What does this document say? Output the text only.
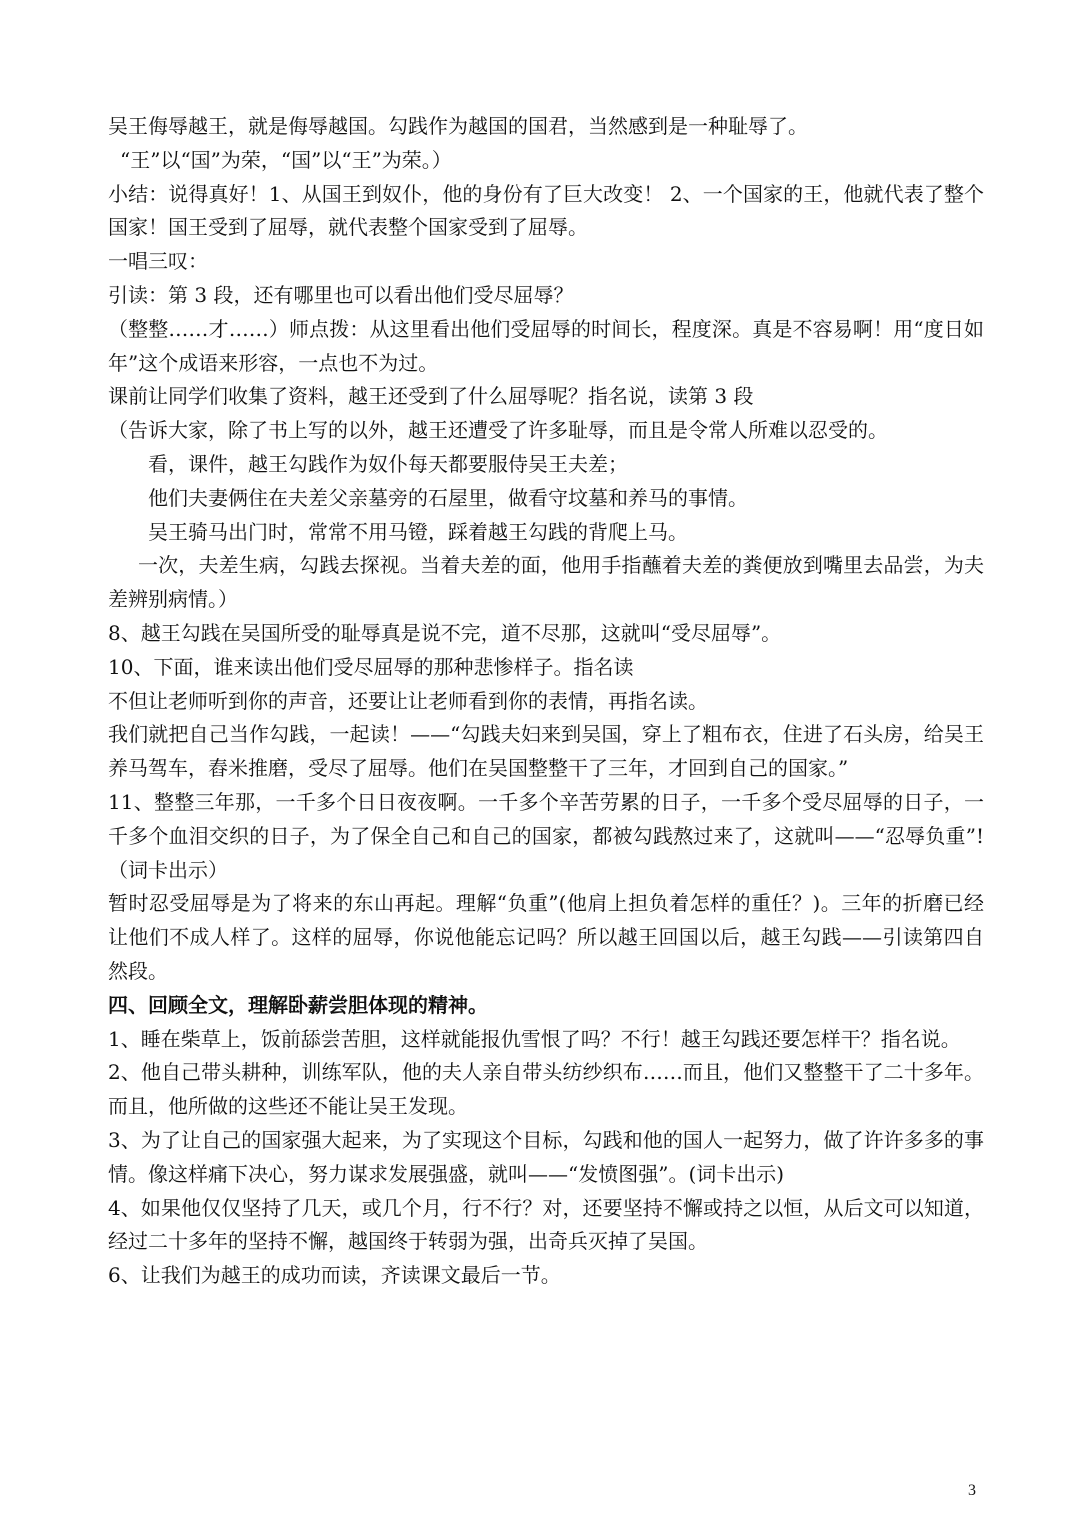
吴王侮辱越王，就是侮辱越国。勾践作为越国的国君，当然感到是一种耻辱了。
“王”以“国”为荣，“国”以“王”为荣。）
小结：说得真好！1、从国王到奴仆，他的身份有了巨大改变！ 2、一个国家的王，他就代表了整个国家！国王受到了屈辱，就代表整个国家受到了屈辱。
一唱三叹：
引读：第 3 段，还有哪里也可以看出他们受尽屈辱？
（整整……才……）师点拨：从这里看出他们受屈辱的时间长，程度深。真是不容易啊！用“度日如年”这个成语来形容，一点也不为过。
课前让同学们收集了资料，越王还受到了什么屈辱呢？指名说，读第 3 段
（告诉大家，除了书上写的以外，越王还遭受了许多耻辱，而且是令常人所难以忍受的。
看，课件，越王勾践作为奴仆每天都要服侍吴王夫差；
他们夫妻俩住在夫差父亲墓旁的石屋里，做看守坟墓和养马的事情。
吴王骑马出门时，常常不用马镫，踩着越王勾践的背爬上马。
一次，夫差生病，勾践去探视。当着夫差的面，他用手指蘸着夫差的粪便放到嘴里去品尝，为夫差辨别病情。）
8、越王勾践在吴国所受的耻辱真是说不完，道不尽那，这就叫“受尽屈辱”。
10、下面，谁来读出他们受尽屈辱的那种悲惨样子。指名读
不但让老师听到你的声音，还要让让老师看到你的表情，再指名读。
我们就把自己当作勾践，一起读！——“勾践夫妇来到吴国，穿上了粗布衣，住进了石头房，给吴王养马驾车，舂米推磨，受尽了屈辱。他们在吴国整整干了三年，才回到自己的国家。”
11、整整三年那，一千多个日日夜夜啊。一千多个辛苦劳累的日子，一千多个受尽屈辱的日子，一千多个血泪交织的日子，为了保全自己和自己的国家，都被勾践熬过来了，这就叫——“忍辱负重”!（词卡出示）
暂时忍受屈辱是为了将来的东山再起。理解“负重”(他肩上担负着怎样的重任？)。三年的折磨已经让他们不成人样了。这样的屈辱，你说他能忘记吗？所以越王回国以后，越王勾践——引读第四自然段。
四、回顾全文，理解卧薪尝胆体现的精神。
1、睡在柴草上，饭前舔尝苦胆，这样就能报仇雪恨了吗？不行！越王勾践还要怎样干？指名说。
2、他自己带头耕种，训练军队，他的夫人亲自带头纺纱织布……而且，他们又整整干了二十多年。而且，他所做的这些还不能让吴王发现。
3、为了让自己的国家强大起来，为了实现这个目标，勾践和他的国人一起努力，做了许许多多的事情。像这样痛下决心，努力谋求发展强盛，就叫——“发愤图强”。(词卡出示)
4、如果他仅仅坚持了几天，或几个月，行不行？对，还要坚持不懈或持之以恒，从后文可以知道，经过二十多年的坚持不懈，越国终于转弱为强，出奇兵灭掉了吴国。
6、让我们为越王的成功而读，齐读课文最后一节。
3
